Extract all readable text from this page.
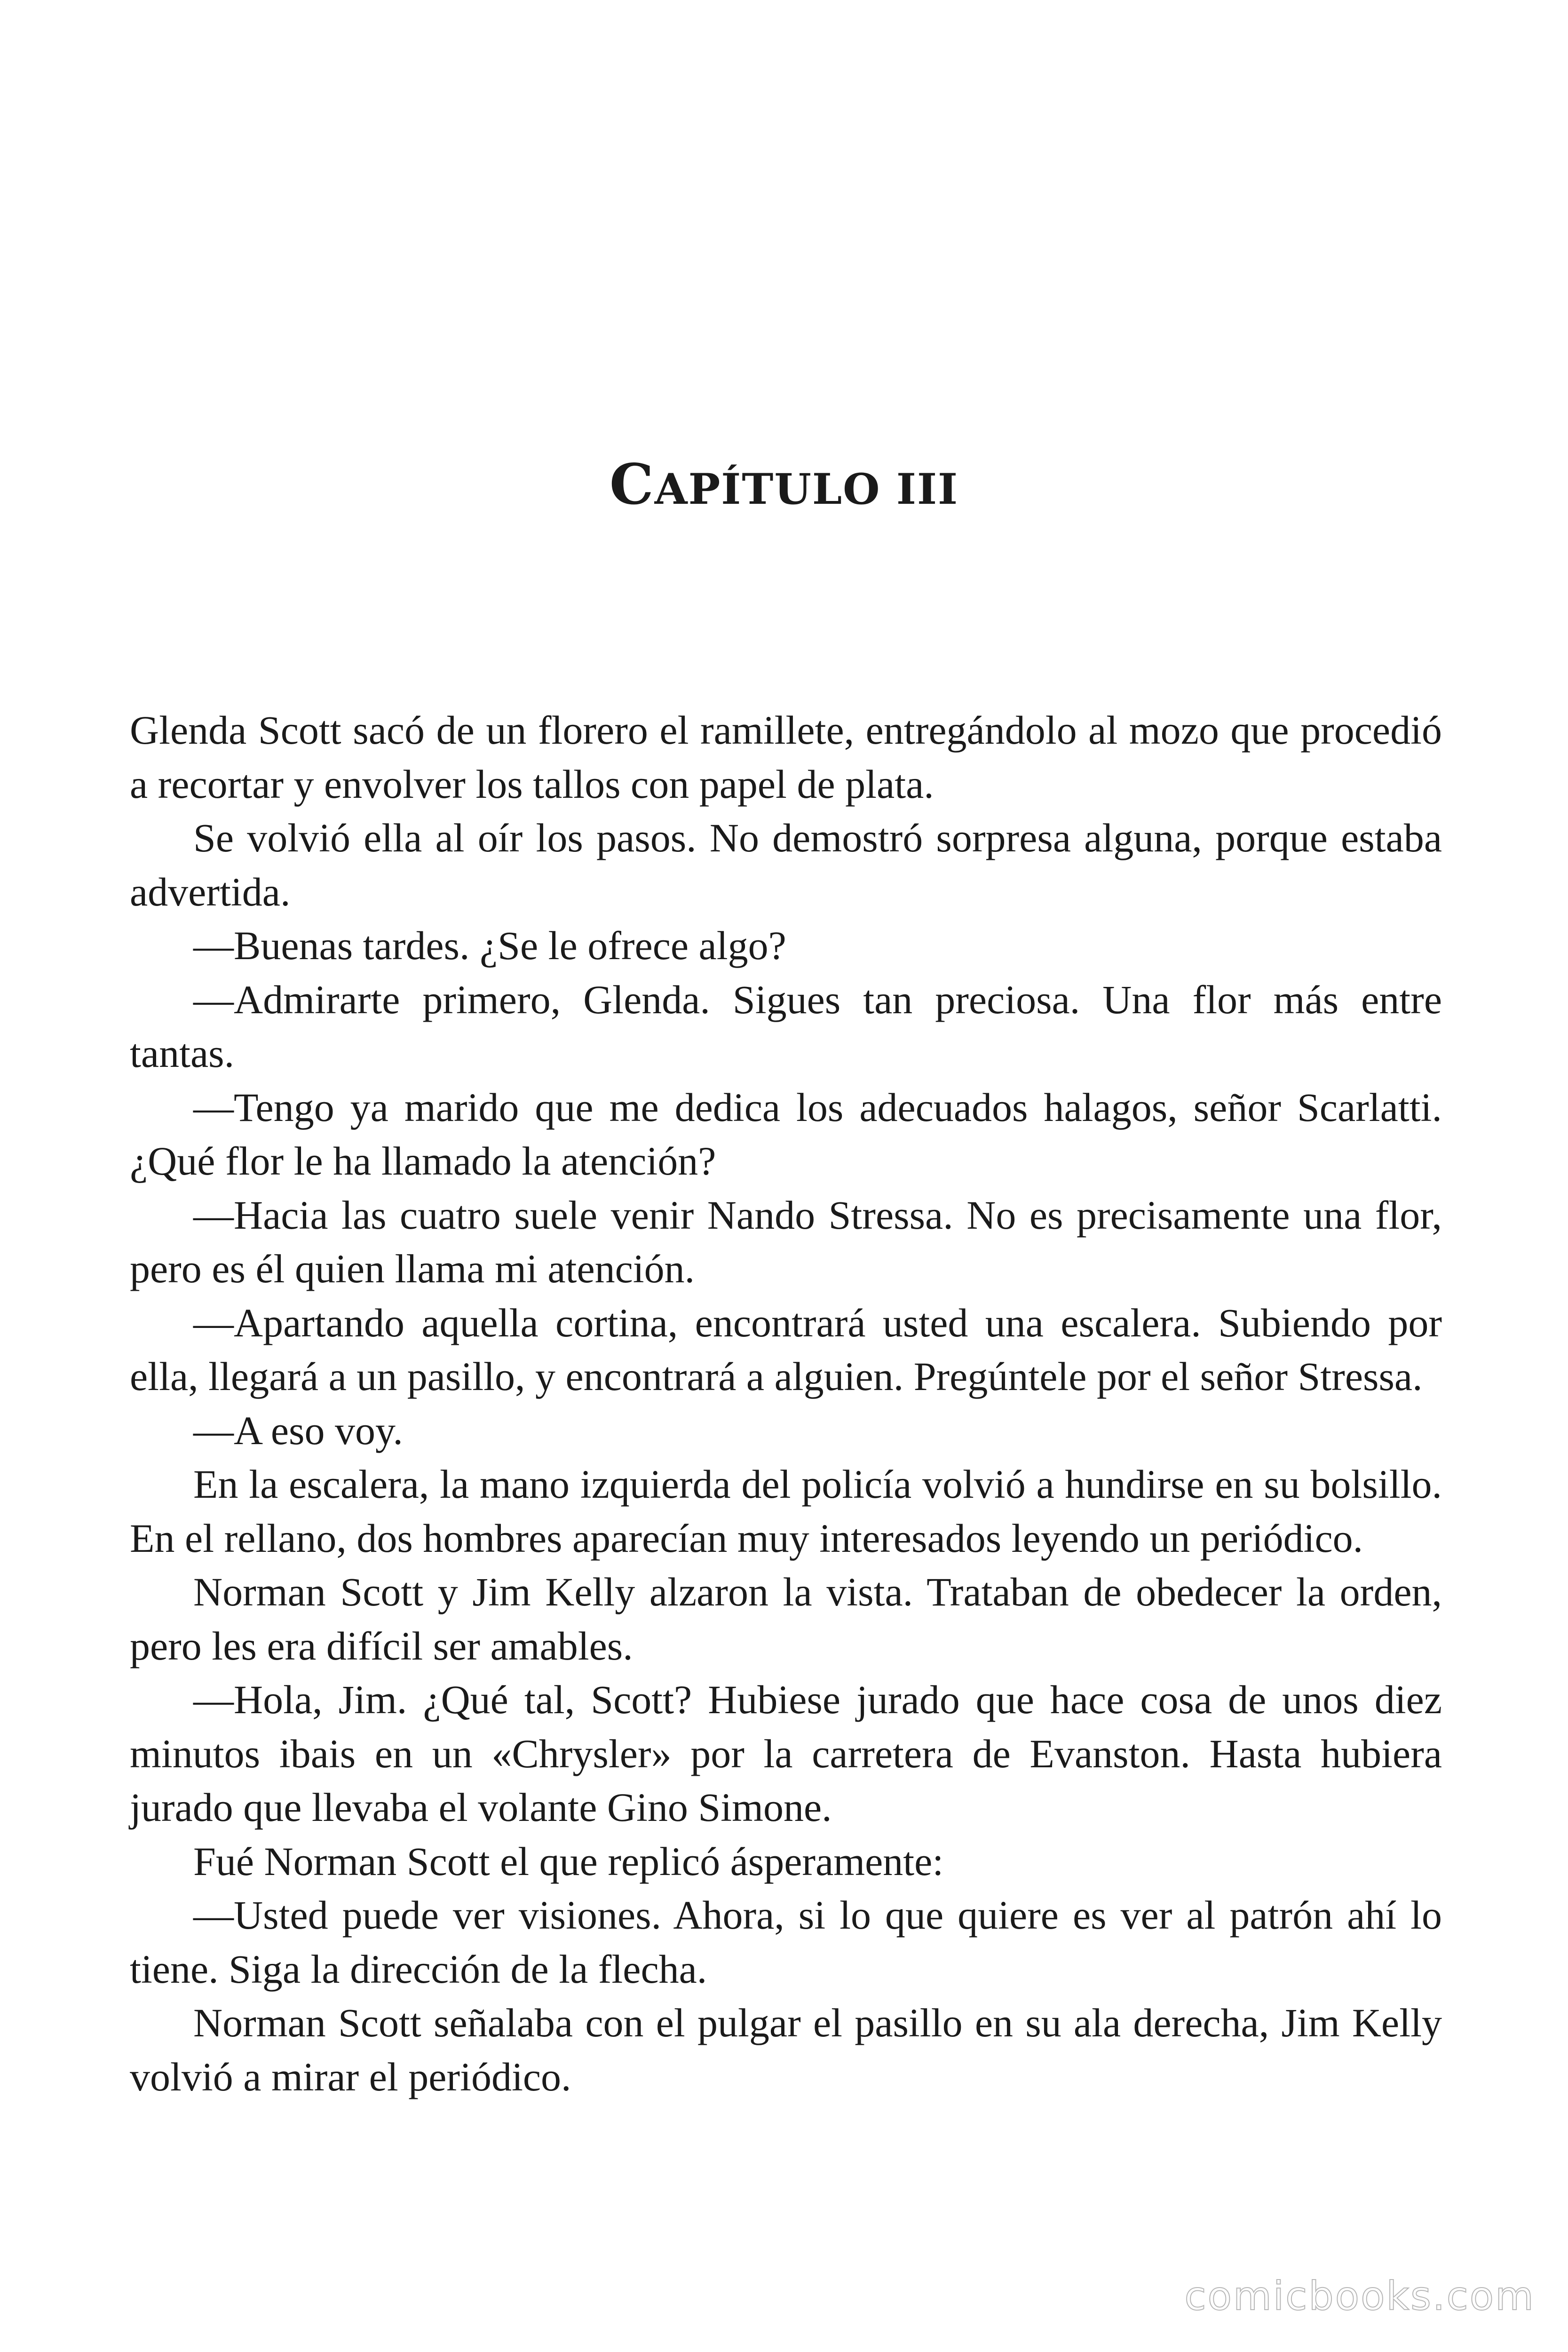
CAPÍTULO III

Glenda Scott sacó de un florero el ramillete, entregándolo al mozo que procedió a recortar y envolver los tallos con papel de plata.

Se volvió ella al oír los pasos. No demostró sorpresa alguna, porque estaba advertida.

—Buenas tardes. ¿Se le ofrece algo?

—Admirarte primero, Glenda. Sigues tan preciosa. Una flor más entre tantas.

—Tengo ya marido que me dedica los adecuados halagos, señor Scarlatti. ¿Qué flor le ha llamado la atención?

—Hacia las cuatro suele venir Nando Stressa. No es precisamente una flor, pero es él quien llama mi atención.

—Apartando aquella cortina, encontrará usted una escalera. Subiendo por ella, llegará a un pasillo, y encontrará a alguien. Pregúntele por el señor Stressa.

—A eso voy.

En la escalera, la mano izquierda del policía volvió a hundirse en su bolsillo. En el rellano, dos hombres aparecían muy interesados leyendo un periódico.

Norman Scott y Jim Kelly alzaron la vista. Trataban de obedecer la orden, pero les era difícil ser amables.

—Hola, Jim. ¿Qué tal, Scott? Hubiese jurado que hace cosa de unos diez minutos ibais en un «Chrysler» por la carretera de Evanston. Hasta hubiera jurado que llevaba el volante Gino Simone.

Fué Norman Scott el que replicó ásperamente:

—Usted puede ver visiones. Ahora, si lo que quiere es ver al patrón ahí lo tiene. Siga la dirección de la flecha.

Norman Scott señalaba con el pulgar el pasillo en su ala derecha, Jim Kelly volvió a mirar el periódico.

comicbooks.com
